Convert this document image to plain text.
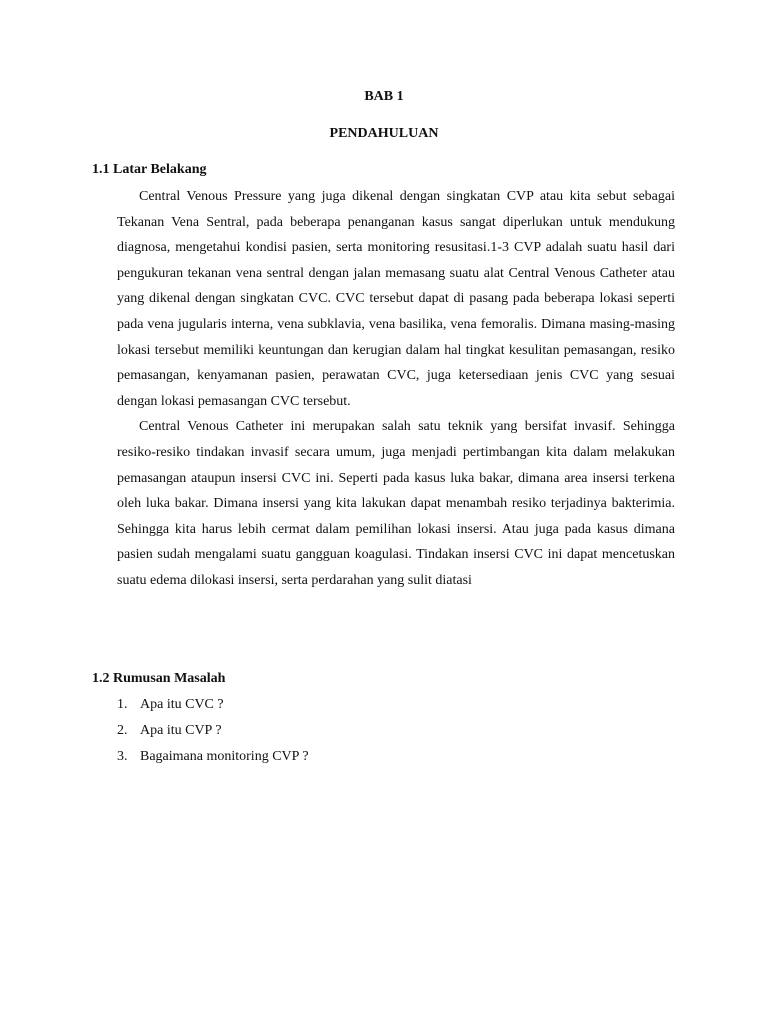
BAB 1
PENDAHULUAN
1.1 Latar Belakang

Central Venous Pressure yang juga dikenal dengan singkatan CVP atau kita sebut sebagai Tekanan Vena Sentral, pada beberapa penanganan kasus sangat diperlukan untuk mendukung diagnosa, mengetahui kondisi pasien, serta monitoring resusitasi.1-3 CVP adalah suatu hasil dari pengukuran tekanan vena sentral dengan jalan memasang suatu alat Central Venous Catheter atau yang dikenal dengan singkatan CVC. CVC tersebut dapat di pasang pada beberapa lokasi seperti pada vena jugularis interna, vena subklavia, vena basilika, vena femoralis. Dimana masing-masing lokasi tersebut memiliki keuntungan dan kerugian dalam hal tingkat kesulitan pemasangan, resiko pemasangan, kenyamanan pasien, perawatan CVC, juga ketersediaan jenis CVC yang sesuai dengan lokasi pemasangan CVC tersebut.

Central Venous Catheter ini merupakan salah satu teknik yang bersifat invasif. Sehingga resiko-resiko tindakan invasif secara umum, juga menjadi pertimbangan kita dalam melakukan pemasangan ataupun insersi CVC ini. Seperti pada kasus luka bakar, dimana area insersi terkena oleh luka bakar. Dimana insersi yang kita lakukan dapat menambah resiko terjadinya bakterimia. Sehingga kita harus lebih cermat dalam pemilihan lokasi insersi. Atau juga pada kasus dimana pasien sudah mengalami suatu gangguan koagulasi. Tindakan insersi CVC ini dapat mencetuskan suatu edema dilokasi insersi, serta perdarahan yang sulit diatasi

1.2 Rumusan Masalah
1. Apa itu CVC ?
2. Apa itu CVP ?
3. Bagaimana monitoring CVP ?
